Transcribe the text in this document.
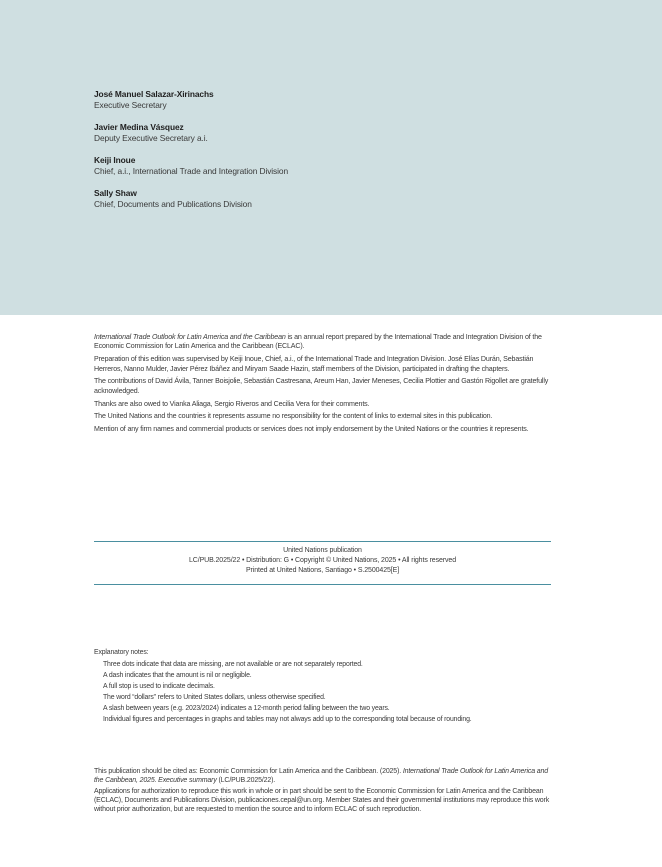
José Manuel Salazar-Xirinachs
Executive Secretary
Javier Medina Vásquez
Deputy Executive Secretary a.i.
Keiji Inoue
Chief, a.i., International Trade and Integration Division
Sally Shaw
Chief, Documents and Publications Division

International Trade Outlook for Latin America and the Caribbean is an annual report prepared by the International Trade and Integration Division of the Economic Commission for Latin America and the Caribbean (ECLAC).

Preparation of this edition was supervised by Keiji Inoue, Chief, a.i., of the International Trade and Integration Division. José Elías Durán, Sebastián Herreros, Nanno Mulder, Javier Pérez Ibáñez and Miryam Saade Hazin, staff members of the Division, participated in drafting the chapters.

The contributions of David Ávila, Tanner Boisjolie, Sebastián Castresana, Areum Han, Javier Meneses, Cecilia Plottier and Gastón Rigollet are gratefully acknowledged.

Thanks are also owed to Vianka Aliaga, Sergio Riveros and Cecilia Vera for their comments.

The United Nations and the countries it represents assume no responsibility for the content of links to external sites in this publication.

Mention of any firm names and commercial products or services does not imply endorsement by the United Nations or the countries it represents.

United Nations publication
LC/PUB.2025/22 • Distribution: G • Copyright © United Nations, 2025 • All rights reserved
Printed at United Nations, Santiago • S.2500425[E]
Explanatory notes:
Three dots indicate that data are missing, are not available or are not separately reported.
A dash indicates that the amount is nil or negligible.
A full stop is used to indicate decimals.
The word “dollars” refers to United States dollars, unless otherwise specified.
A slash between years (e.g. 2023/2024) indicates a 12-month period falling between the two years.
Individual figures and percentages in graphs and tables may not always add up to the corresponding total because of rounding.

This publication should be cited as: Economic Commission for Latin America and the Caribbean. (2025). International Trade Outlook for Latin America and the Caribbean, 2025. Executive summary (LC/PUB.2025/22).

Applications for authorization to reproduce this work in whole or in part should be sent to the Economic Commission for Latin America and the Caribbean (ECLAC), Documents and Publications Division, publicaciones.cepal@un.org. Member States and their governmental institutions may reproduce this work without prior authorization, but are requested to mention the source and to inform ECLAC of such reproduction.
